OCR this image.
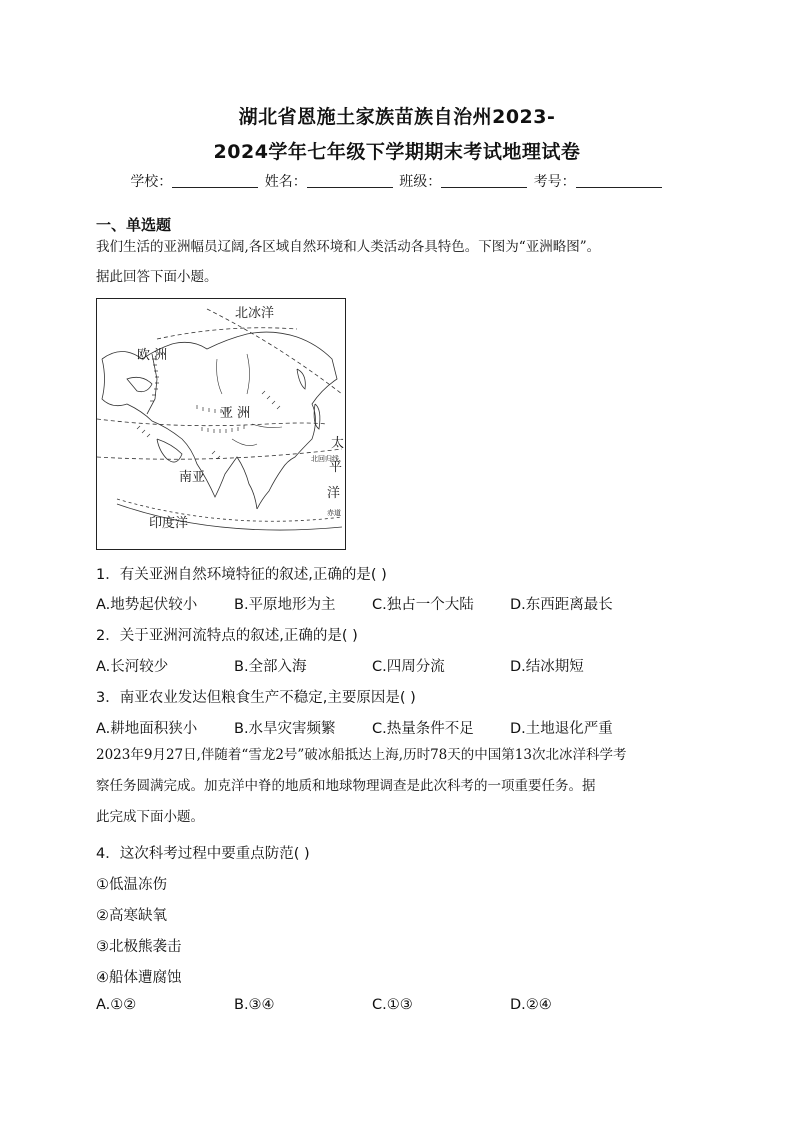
湖北省恩施土家族苗族自治州2023-
2024学年七年级下学期期末考试地理试卷
学校：	姓名：	班级：	考号：
一、单选题
我们生活的亚洲幅员辽阔,各区域自然环境和人类活动各具特色。下图为“亚洲略图”。
据此回答下面小题。
北冰洋
欧 洲
亚 洲
太
平
洋
南亚
印度洋
北回归线
赤道
1．有关亚洲自然环境特征的叙述,正确的是( )
A.地势起伏较小	B.平原地形为主	C.独占一个大陆	D.东西距离最长
2．关于亚洲河流特点的叙述,正确的是( )
A.长河较少	B.全部入海	C.四周分流	D.结冰期短
3．南亚农业发达但粮食生产不稳定,主要原因是( )
A.耕地面积狭小	B.水旱灾害频繁	C.热量条件不足	D.土地退化严重
2023年9月27日,伴随着“雪龙2号”破冰船抵达上海,历时78天的中国第13次北冰洋科学考
察任务圆满完成。加克洋中脊的地质和地球物理调查是此次科考的一项重要任务。据
此完成下面小题。
4．这次科考过程中要重点防范( )
①低温冻伤
②高寒缺氧
③北极熊袭击
④船体遭腐蚀
A.①②	B.③④	C.①③	D.②④
